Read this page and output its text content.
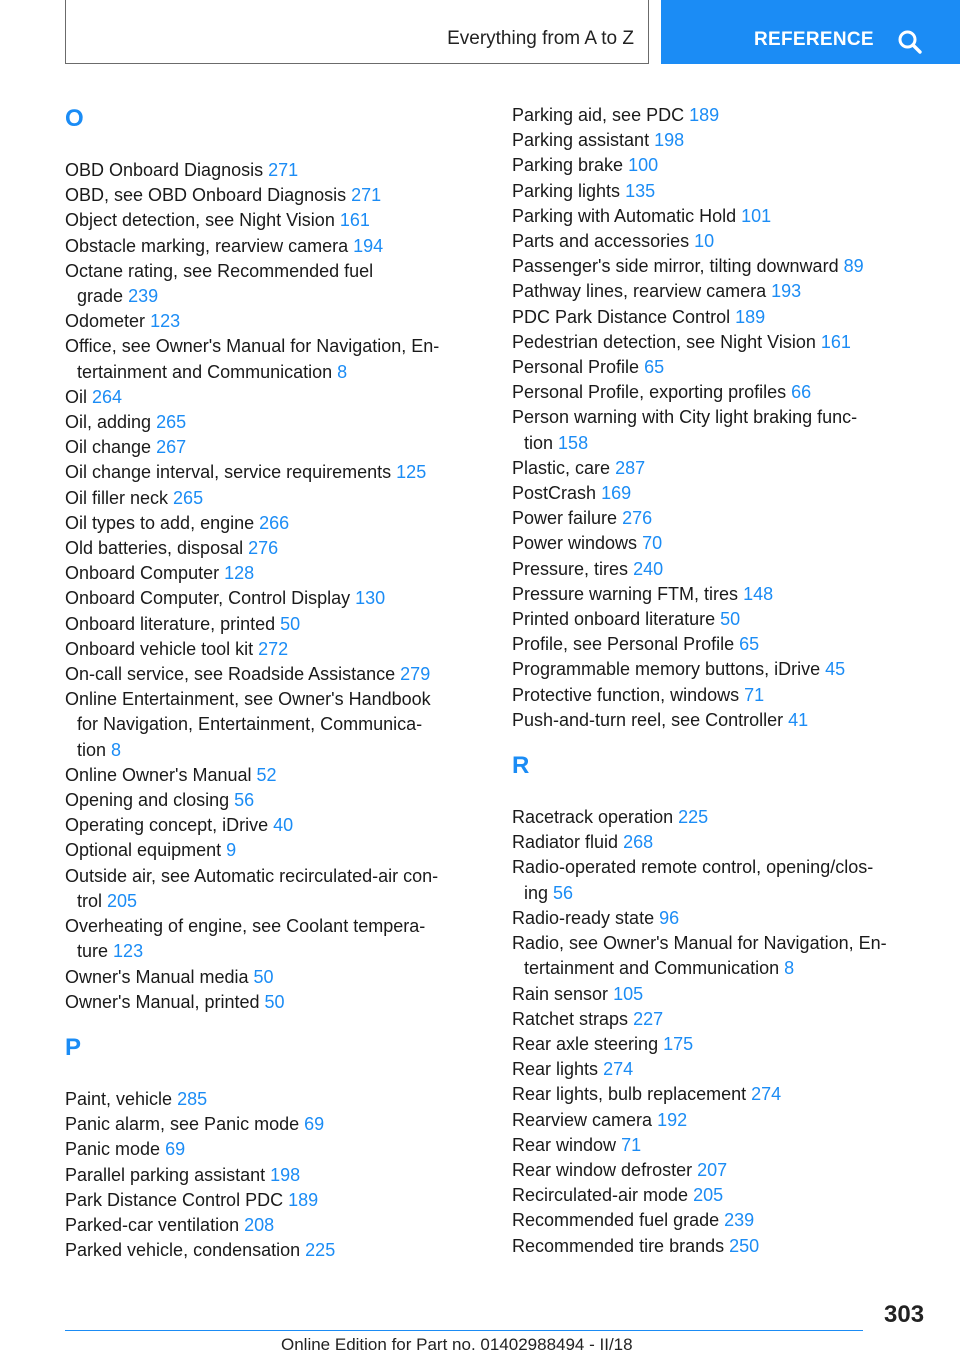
Everything from A to Z	REFERENCE
O
OBD Onboard Diagnosis 271
OBD, see OBD Onboard Diagnosis 271
Object detection, see Night Vision 161
Obstacle marking, rearview camera 194
Octane rating, see Recommended fuel
grade 239
Odometer 123
Office, see Owner's Manual for Navigation, En-
tertainment and Communication 8
Oil 264
Oil, adding 265
Oil change 267
Oil change interval, service requirements 125
Oil filler neck 265
Oil types to add, engine 266
Old batteries, disposal 276
Onboard Computer 128
Onboard Computer, Control Display 130
Onboard literature, printed 50
Onboard vehicle tool kit 272
On-call service, see Roadside Assistance 279
Online Entertainment, see Owner's Handbook
for Navigation, Entertainment, Communica-
tion 8
Online Owner's Manual 52
Opening and closing 56
Operating concept, iDrive 40
Optional equipment 9
Outside air, see Automatic recirculated-air con-
trol 205
Overheating of engine, see Coolant tempera-
ture 123
Owner's Manual media 50
Owner's Manual, printed 50
P
Paint, vehicle 285
Panic alarm, see Panic mode 69
Panic mode 69
Parallel parking assistant 198
Park Distance Control PDC 189
Parked-car ventilation 208
Parked vehicle, condensation 225
Parking aid, see PDC 189
Parking assistant 198
Parking brake 100
Parking lights 135
Parking with Automatic Hold 101
Parts and accessories 10
Passenger's side mirror, tilting downward 89
Pathway lines, rearview camera 193
PDC Park Distance Control 189
Pedestrian detection, see Night Vision 161
Personal Profile 65
Personal Profile, exporting profiles 66
Person warning with City light braking func-
tion 158
Plastic, care 287
PostCrash 169
Power failure 276
Power windows 70
Pressure, tires 240
Pressure warning FTM, tires 148
Printed onboard literature 50
Profile, see Personal Profile 65
Programmable memory buttons, iDrive 45
Protective function, windows 71
Push-and-turn reel, see Controller 41
R
Racetrack operation 225
Radiator fluid 268
Radio-operated remote control, opening/clos-
ing 56
Radio-ready state 96
Radio, see Owner's Manual for Navigation, En-
tertainment and Communication 8
Rain sensor 105
Ratchet straps 227
Rear axle steering 175
Rear lights 274
Rear lights, bulb replacement 274
Rearview camera 192
Rear window 71
Rear window defroster 207
Recirculated-air mode 205
Recommended fuel grade 239
Recommended tire brands 250
303
Online Edition for Part no. 01402988494 - II/18
